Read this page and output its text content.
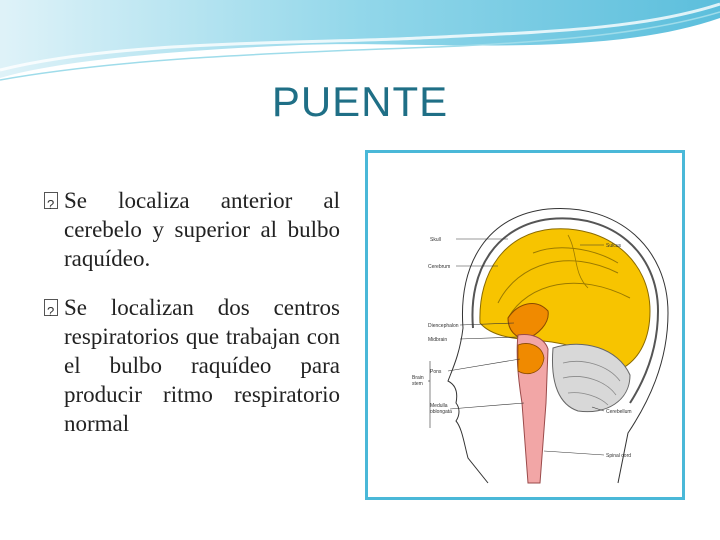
PUENTE
?
Se localiza anterior al cerebelo y superior al bulbo raquídeo.
?
Se localizan dos centros respiratorios que trabajan con el bulbo raquídeo para producir ritmo respiratorio normal
Skull
Cerebrum
Sulcus
Diencephalon
Midbrain
Pons
Brain
stem
Medulla
oblongata	Cerebellum
Spinal cord
